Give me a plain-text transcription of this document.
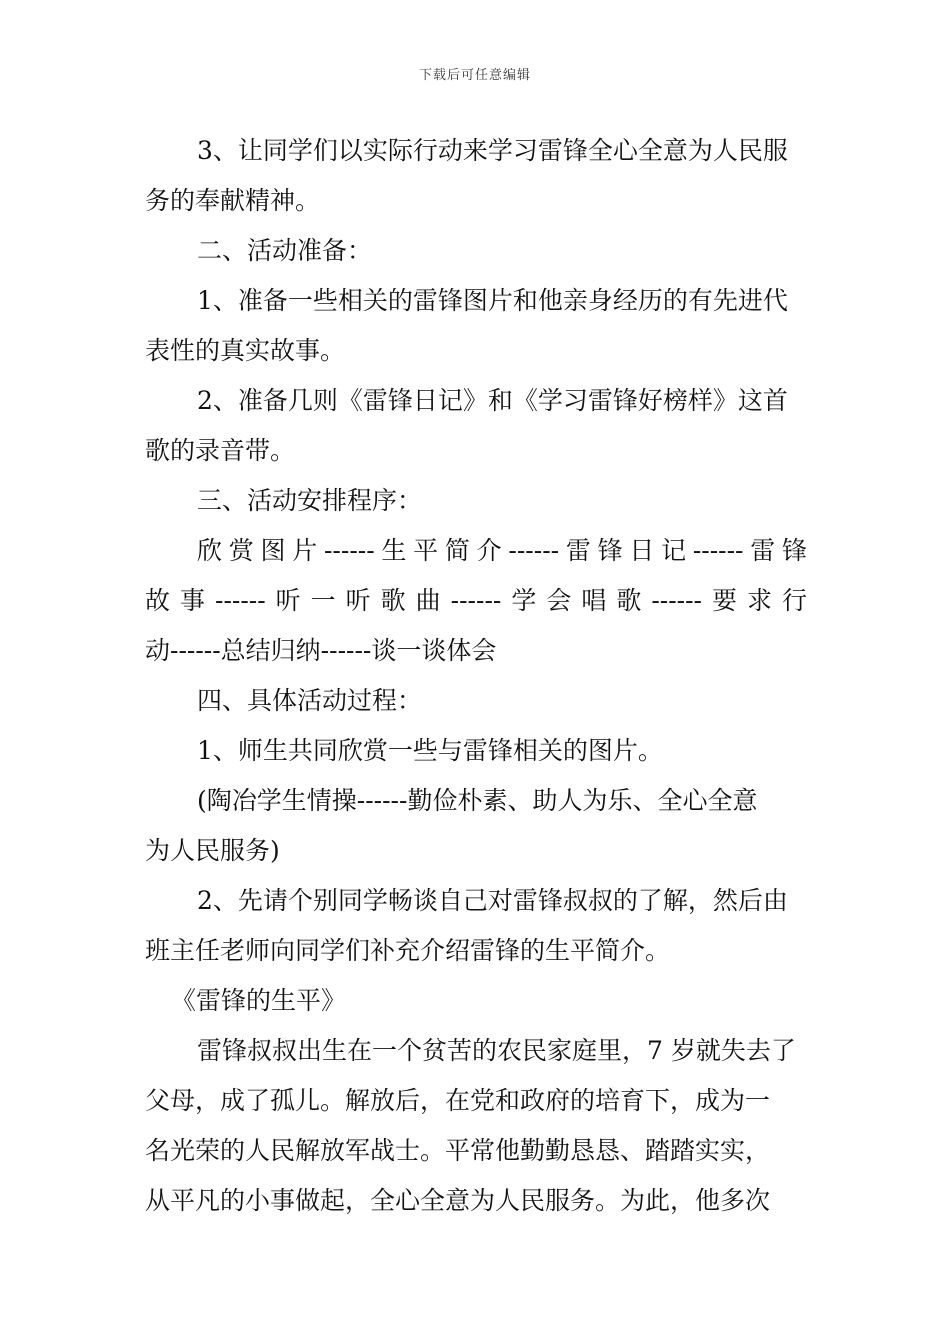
下载后可任意编辑
3、让同学们以实际行动来学习雷锋全心全意为人民服
务的奉献精神。
二、活动准备：
1、准备一些相关的雷锋图片和他亲身经历的有先进代
表性的真实故事。
2、准备几则《雷锋日记》和《学习雷锋好榜样》这首
歌的录音带。
三、活动安排程序：
欣赏图片------生平简介------雷锋日记------雷锋
故事------听一听歌曲------学会唱歌------要求行
动------总结归纳------谈一谈体会
四、具体活动过程：
1、师生共同欣赏一些与雷锋相关的图片。
(陶冶学生情操------勤俭朴素、助人为乐、全心全意
为人民服务)
2、先请个别同学畅谈自己对雷锋叔叔的了解，然后由
班主任老师向同学们补充介绍雷锋的生平简介。
《雷锋的生平》
雷锋叔叔出生在一个贫苦的农民家庭里，7 岁就失去了
父母，成了孤儿。解放后，在党和政府的培育下，成为一
名光荣的人民解放军战士。平常他勤勤恳恳、踏踏实实，
从平凡的小事做起，全心全意为人民服务。为此，他多次
